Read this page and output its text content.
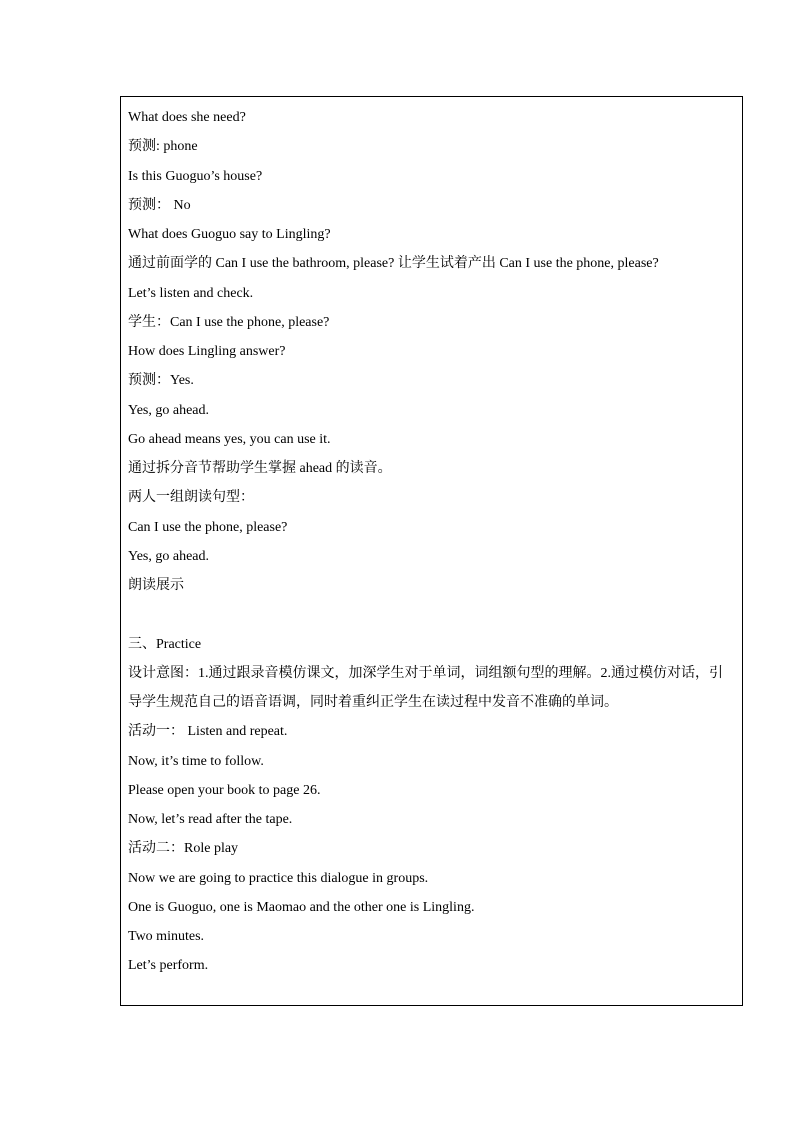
What does she need?
预测: phone
Is this Guoguo’s house?
预测： No
What does Guoguo say to Lingling?
通过前面学的 Can I use the bathroom, please? 让学生试着产出 Can I use the phone, please?
Let’s listen and check.
学生：Can I use the phone, please?
How does Lingling answer?
预测：Yes.
Yes, go ahead.
Go ahead means yes, you can use it.
通过拆分音节帮助学生掌握 ahead 的读音。
两人一组朗读句型：
Can I use the phone, please?
Yes, go ahead.
朗读展示
三、Practice
设计意图：1.通过跟录音模仿课文，加深学生对于单词，词组额句型的理解。2.通过模仿对话，引导学生规范自己的语音语调，同时着重纠正学生在读过程中发音不准确的单词。
活动一： Listen and repeat.
Now, it’s time to follow.
Please open your book to page 26.
Now, let’s read after the tape.
活动二：Role play
Now we are going to practice this dialogue in groups.
One is Guoguo, one is Maomao and the other one is Lingling.
Two minutes.
Let’s perform.
